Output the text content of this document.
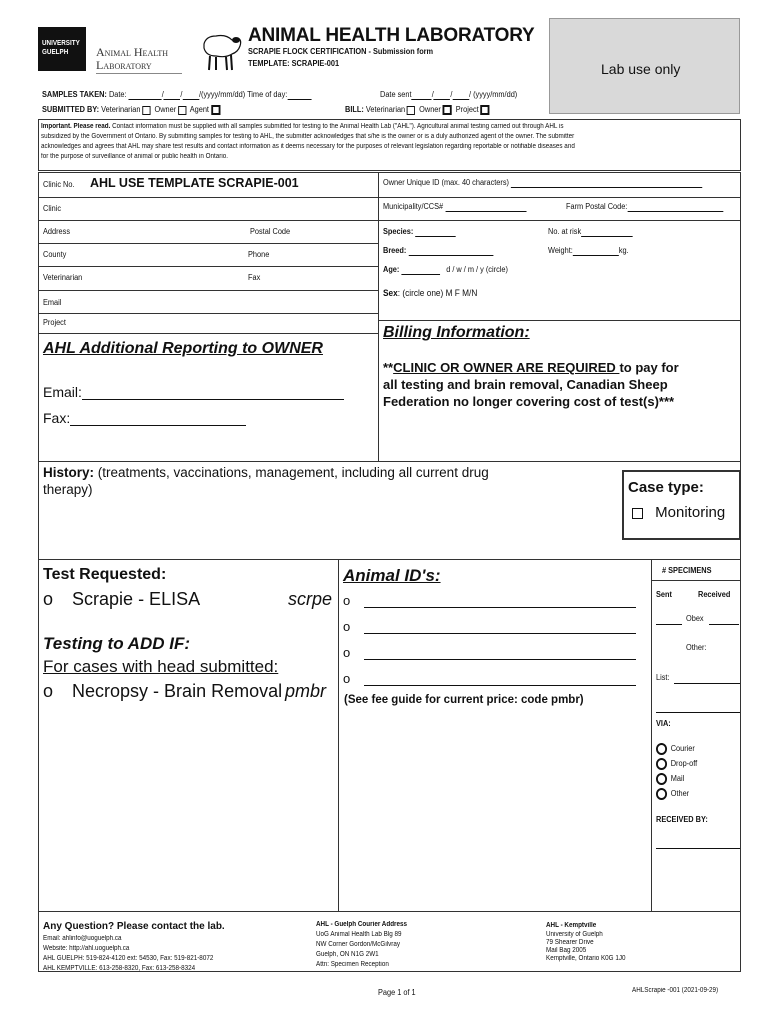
UNIVERSITY
GUELPH Animal Health
Laboratory
ANIMAL HEALTH LABORATORY
SCRAPIE FLOCK CERTIFICATION - Submission form
TEMPLATE: SCRAPIE-001	Lab use only
SAMPLES TAKEN: Date:	/ / /(yyyy/mm/dd) Time of day:	Date sent	/ / / (yyyy/mm/dd)
SUBMITTED BY: Veterinarian Owner Agent	BILL: Veterinarian Owner Project
Important. Please read. Contact information must be supplied with all samples submitted for testing to the Animal Health Lab ("AHL"). Agricultural animal testing carried out through AHL is
subsidized by the Government of Ontario. By submitting samples for testing to AHL, the submitter acknowledges that s/he is the owner or is a duly authorized agent of the owner. The submitter
acknowledges and agrees that AHL may share test results and contact information as it deems necessary for the purposes of relevant legislation regarding reportable or notifiable diseases and
for the purpose of surveillance of animal or public health in Ontario.
Clinic No. AHL USE TEMPLATE SCRAPIE-001
Clinic
Address	Postal Code
County	Phone
Veterinarian	Fax
Email
Project
Owner Unique ID (max. 40 characters)
Municipality/CCS#	Farm Postal Code:
Species:	No. at risk
Breed:	Weight:	kg.
Age:	d / w / m / y (circle)
Sex: (circle one) M F M/N
AHL Additional Reporting to OWNER
Email:
Fax:
Billing Information:
**CLINIC OR OWNER ARE REQUIRED to pay for
all testing and brain removal, Canadian Sheep
Federation no longer covering cost of test(s)***
History: (treatments, vaccinations, management, including all current drug
therapy)	Case type:
Monitoring
Test Requested:
o Scrapie - ELISA	scrpe
Testing to ADD IF:
For cases with head submitted:
o Necropsy - Brain Removal pmbr
Animal ID's:
o
o
o
o
(See fee guide for current price: code pmbr)
# SPECIMENS
Sent	Received
Obex
Other:
List:
VIA:
Courier
Drop-off
Mail
Other
RECEIVED BY:
Any Question? Please contact the lab.
Email: ahlinfo@uoguelph.ca
Website: http://ahl.uoguelph.ca
AHL GUELPH: 519-824-4120 ext: 54530, Fax: 519-821-8072
AHL KEMPTVILLE: 613-258-8320, Fax: 613-258-8324
AHL - Guelph Courier Address
UoG Animal Health Lab Blg 89
NW Corner Gordon/McGilvray
Guelph, ON N1G 2W1
Attn: Specimen Reception
AHL - Kemptville
University of Guelph
79 Shearer Drive
Mail Bag 2005
Kemptville, Ontario K0G 1J0
Page 1 of 1	AHLScrapie -001 (2021-09-29)
